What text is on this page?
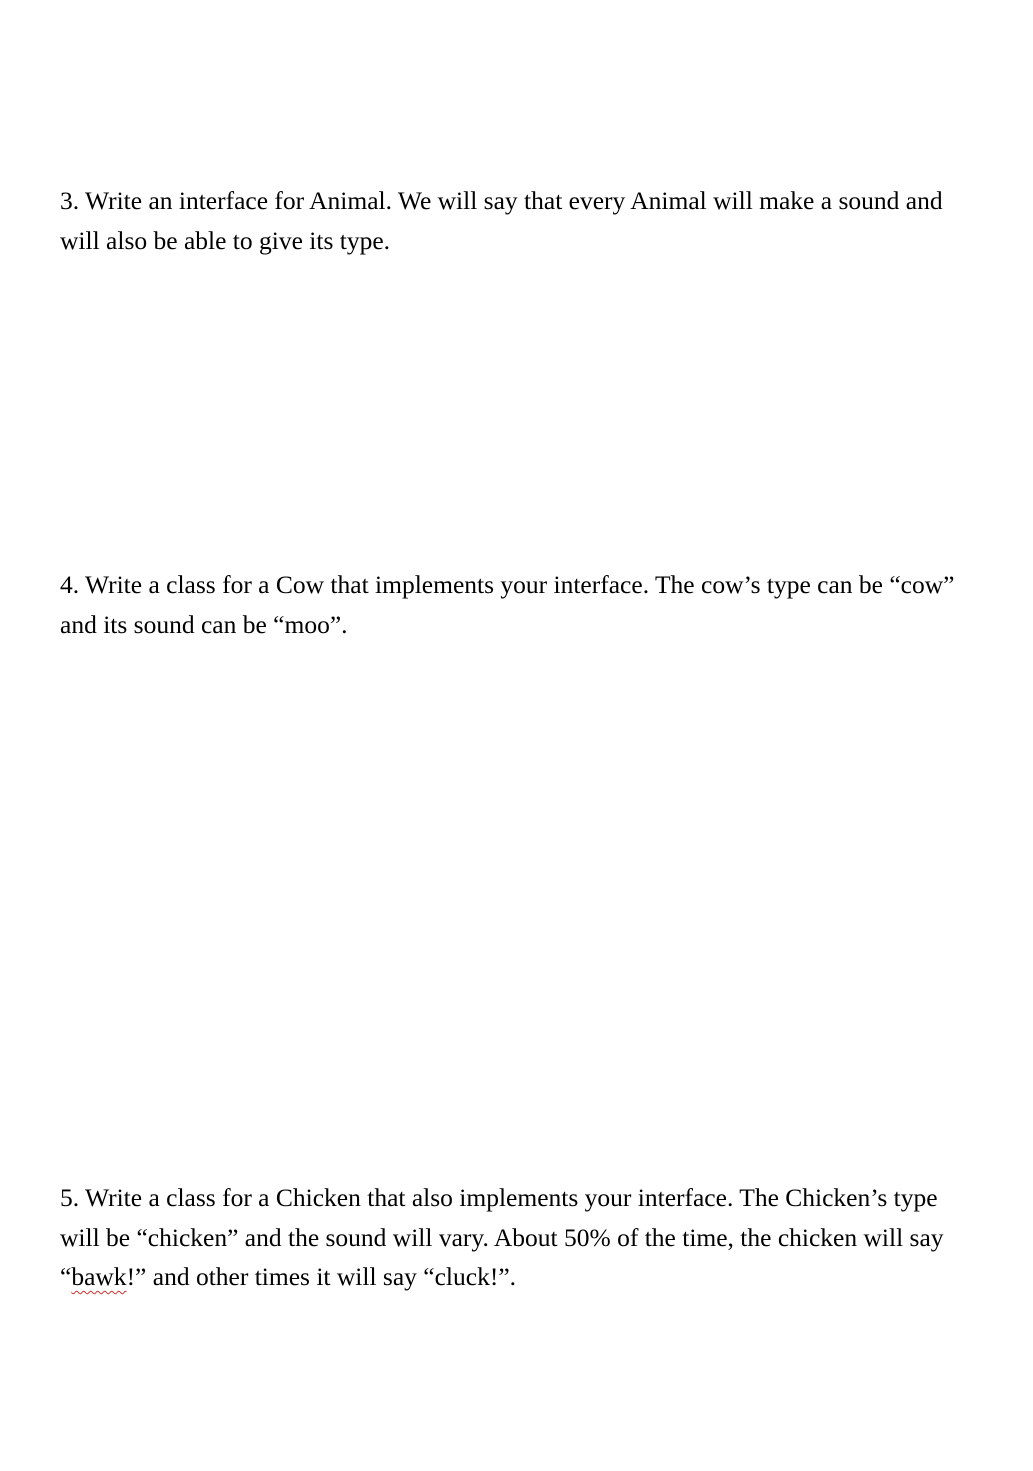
3. Write an interface for Animal. We will say that every Animal will make a sound and will also be able to give its type.

4. Write a class for a Cow that implements your interface. The cow’s type can be “cow” and its sound can be “moo”.

5. Write a class for a Chicken that also implements your interface. The Chicken’s type will be “chicken” and the sound will vary. About 50% of the time, the chicken will say “bawk!” and other times it will say “cluck!”.
